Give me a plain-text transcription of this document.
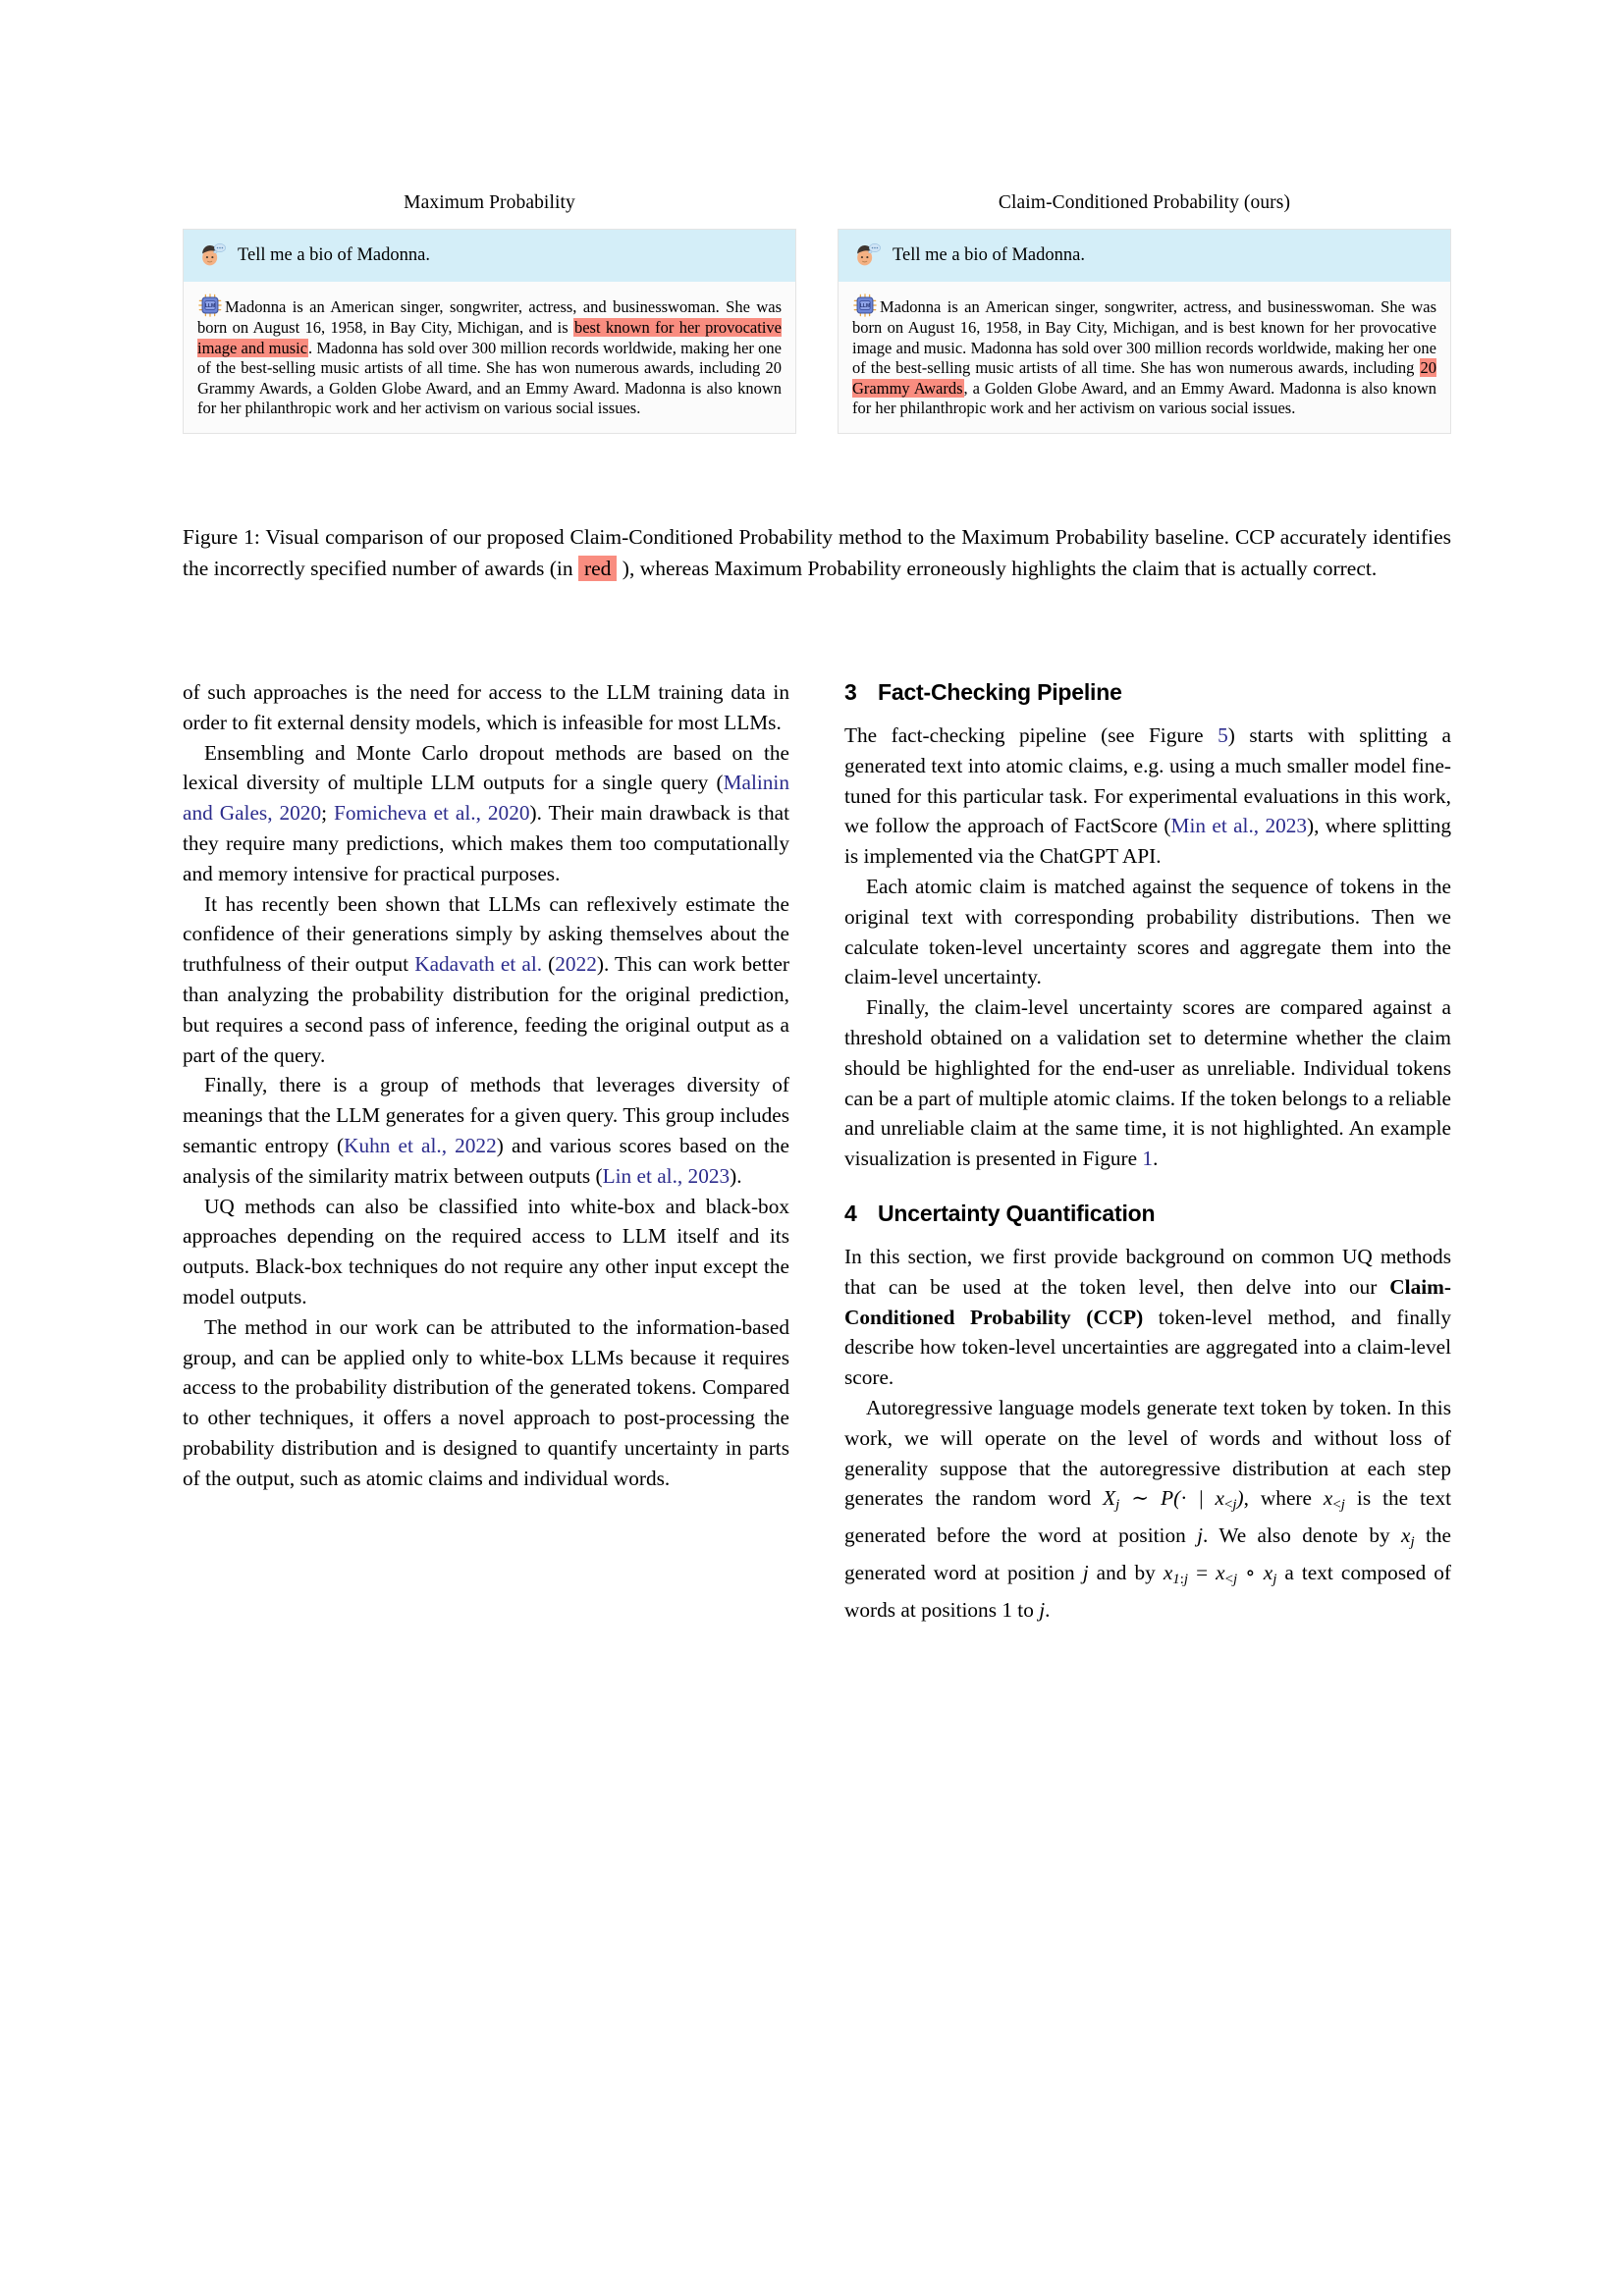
Maximum Probability
Tell me a bio of Madonna.
LLM Madonna is an American singer, songwriter, actress, and businesswoman. She was born on August 16, 1958, in Bay City, Michigan, and is best known for her provocative image and music. Madonna has sold over 300 million records worldwide, making her one of the best-selling music artists of all time. She has won numerous awards, including 20 Grammy Awards, a Golden Globe Award, and an Emmy Award. Madonna is also known for her philanthropic work and her activism on various social issues.
Claim-Conditioned Probability (ours)
Tell me a bio of Madonna.
LLM Madonna is an American singer, songwriter, actress, and businesswoman. She was born on August 16, 1958, in Bay City, Michigan, and is best known for her provocative image and music. Madonna has sold over 300 million records worldwide, making her one of the best-selling music artists of all time. She has won numerous awards, including 20 Grammy Awards, a Golden Globe Award, and an Emmy Award. Madonna is also known for her philanthropic work and her activism on various social issues.
Figure 1: Visual comparison of our proposed Claim-Conditioned Probability method to the Maximum Probability baseline. CCP accurately identifies the incorrectly specified number of awards (in red ), whereas Maximum Probability erroneously highlights the claim that is actually correct.

of such approaches is the need for access to the LLM training data in order to fit external density models, which is infeasible for most LLMs.

Ensembling and Monte Carlo dropout methods are based on the lexical diversity of multiple LLM outputs for a single query (Malinin and Gales, 2020; Fomicheva et al., 2020). Their main drawback is that they require many predictions, which makes them too computationally and memory intensive for practical purposes.

It has recently been shown that LLMs can reflexively estimate the confidence of their generations simply by asking themselves about the truthfulness of their output Kadavath et al. (2022). This can work better than analyzing the probability distribution for the original prediction, but requires a second pass of inference, feeding the original output as a part of the query.

Finally, there is a group of methods that leverages diversity of meanings that the LLM generates for a given query. This group includes semantic entropy (Kuhn et al., 2022) and various scores based on the analysis of the similarity matrix between outputs (Lin et al., 2023).

UQ methods can also be classified into white-box and black-box approaches depending on the required access to LLM itself and its outputs. Black-box techniques do not require any other input except the model outputs.

The method in our work can be attributed to the information-based group, and can be applied only to white-box LLMs because it requires access to the probability distribution of the generated tokens. Compared to other techniques, it offers a novel approach to post-processing the probability distribution and is designed to quantify uncertainty in parts of the output, such as atomic claims and individual words.

3 Fact-Checking Pipeline

The fact-checking pipeline (see Figure 5) starts with splitting a generated text into atomic claims, e.g. using a much smaller model fine-tuned for this particular task. For experimental evaluations in this work, we follow the approach of FactScore (Min et al., 2023), where splitting is implemented via the ChatGPT API.

Each atomic claim is matched against the sequence of tokens in the original text with corresponding probability distributions. Then we calculate token-level uncertainty scores and aggregate them into the claim-level uncertainty.

Finally, the claim-level uncertainty scores are compared against a threshold obtained on a validation set to determine whether the claim should be highlighted for the end-user as unreliable. Individual tokens can be a part of multiple atomic claims. If the token belongs to a reliable and unreliable claim at the same time, it is not highlighted. An example visualization is presented in Figure 1.

4 Uncertainty Quantification

In this section, we first provide background on common UQ methods that can be used at the token level, then delve into our Claim-Conditioned Probability (CCP) token-level method, and finally describe how token-level uncertainties are aggregated into a claim-level score.

Autoregressive language models generate text token by token. In this work, we will operate on the level of words and without loss of generality suppose that the autoregressive distribution at each step generates the random word $X_j$ ∼ P(· | $x_{<j}$), where $x_{<j}$ is the text generated before the word at position j. We also denote by $x_j$ the generated word at position j and by $x_{1:j} = x_{<j}$ ∘ $x_j$ a text composed of words at positions 1 to j.
